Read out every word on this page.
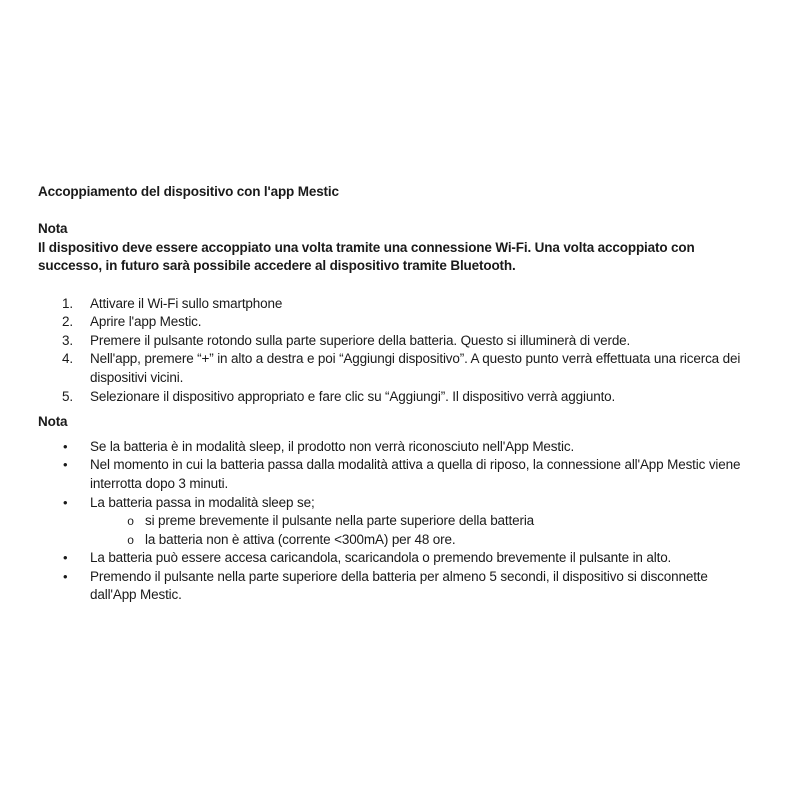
Accoppiamento del dispositivo con l'app Mestic
Nota

Il dispositivo deve essere accoppiato una volta tramite una connessione Wi-Fi. Una volta accoppiato con successo, in futuro sarà possibile accedere al dispositivo tramite Bluetooth.

1. Attivare il Wi-Fi sullo smartphone
2. Aprire l'app Mestic.
3. Premere il pulsante rotondo sulla parte superiore della batteria. Questo si illuminerà di verde.
4. Nell'app, premere “+” in alto a destra e poi “Aggiungi dispositivo”. A questo punto verrà effettuata una ricerca dei dispositivi vicini.
5. Selezionare il dispositivo appropriato e fare clic su “Aggiungi”. Il dispositivo verrà aggiunto.
Nota
• Se la batteria è in modalità sleep, il prodotto non verrà riconosciuto nell'App Mestic.
• Nel momento in cui la batteria passa dalla modalità attiva a quella di riposo, la connessione all'App Mestic viene interrotta dopo 3 minuti.
• La batteria passa in modalità sleep se;
o si preme brevemente il pulsante nella parte superiore della batteria
o la batteria non è attiva (corrente <300mA) per 48 ore.
• La batteria può essere accesa caricandola, scaricandola o premendo brevemente il pulsante in alto.
• Premendo il pulsante nella parte superiore della batteria per almeno 5 secondi, il dispositivo si disconnette dall'App Mestic.
